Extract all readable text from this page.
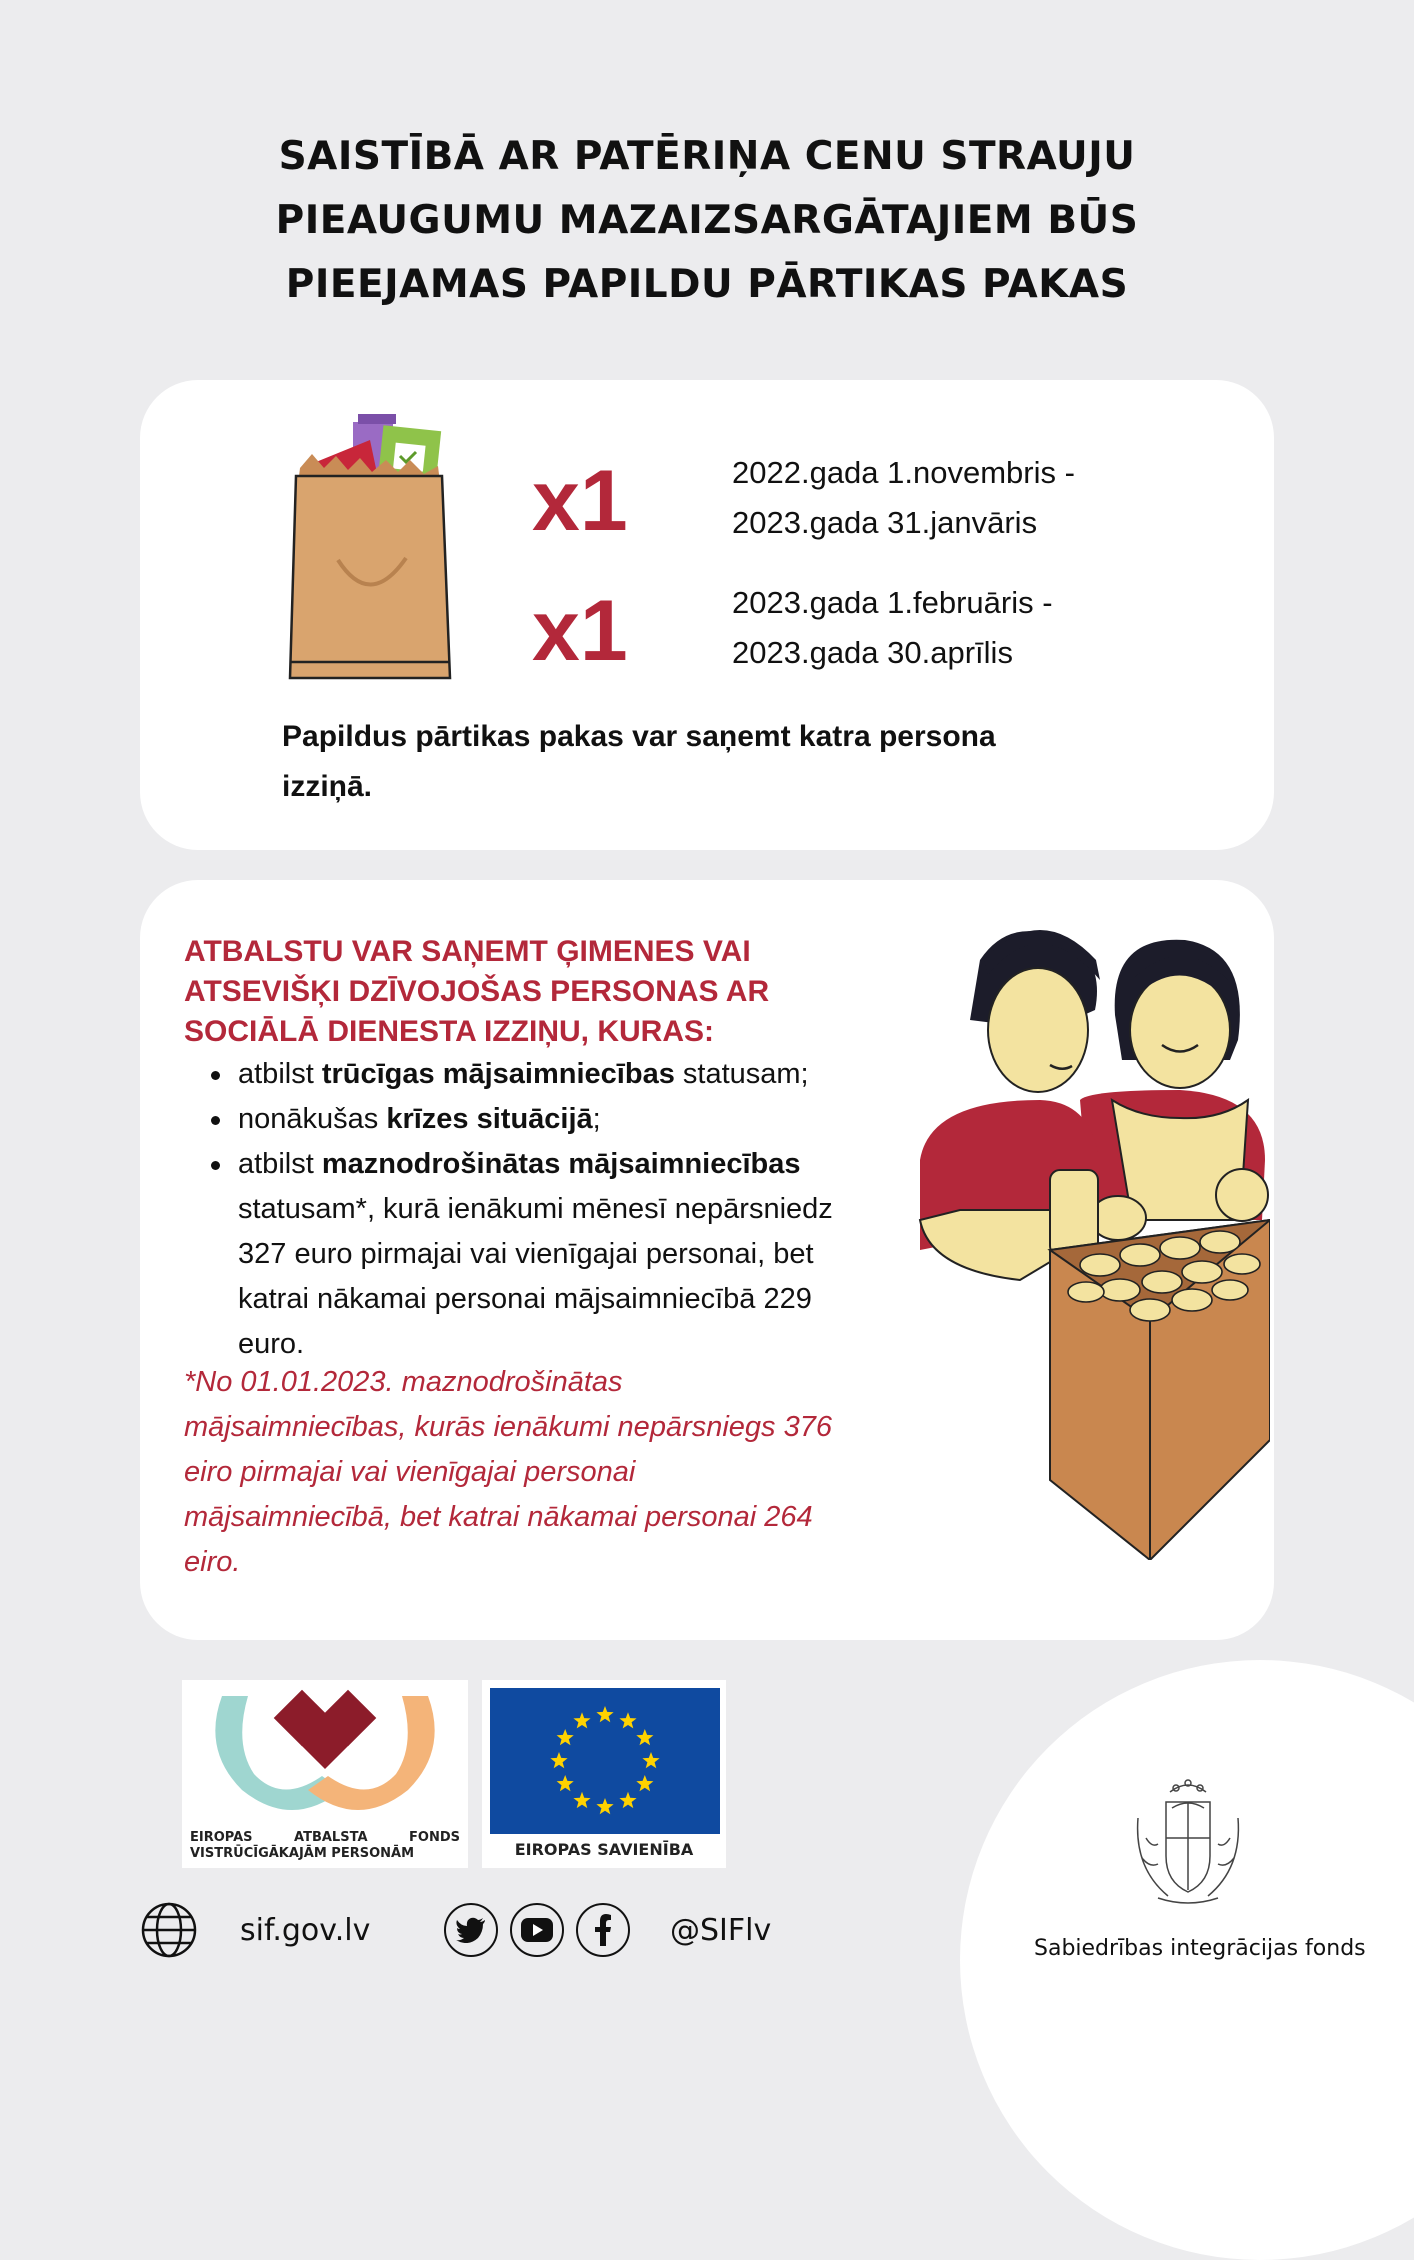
SAISTĪBĀ AR PATĒRIŅA CENU STRAUJU
PIEAUGUMU MAZAIZSARGĀTAJIEM BŪS
PIEEJAMAS PAPILDU PĀRTIKAS PAKAS
x1	2022.gada 1.novembris -
2023.gada 31.janvāris
x1	2023.gada 1.februāris -
2023.gada 30.aprīlis
Papildus pārtikas pakas var saņemt katra persona
izziņā.
ATBALSTU VAR SAŅEMT ĢIMENES VAI
ATSEVIŠĶI DZĪVOJOŠAS PERSONAS AR
SOCIĀLĀ DIENESTA IZZIŅU, KURAS:
atbilst trūcīgas mājsaimniecības statusam;
nonākušas krīzes situācijā;
atbilst maznodrošinātas mājsaimniecības
statusam*, kurā ienākumi mēnesī nepārsniedz
327 euro pirmajai vai vienīgajai personai, bet
katrai nākamai personai mājsaimniecībā 229
euro.
*No 01.01.2023. maznodrošinātas
mājsaimniecības, kurās ienākumi nepārsniegs 376
eiro pirmajai vai vienīgajai personai
mājsaimniecībā, bet katrai nākamai personai 264
eiro.
EIROPAS	ATBALSTA	FONDS
VISTRŪCĪGĀKAJĀM PERSONĀM	EIROPAS SAVIENĪBA
sif.gov.lv	@SIFlv
Sabiedrības integrācijas fonds
